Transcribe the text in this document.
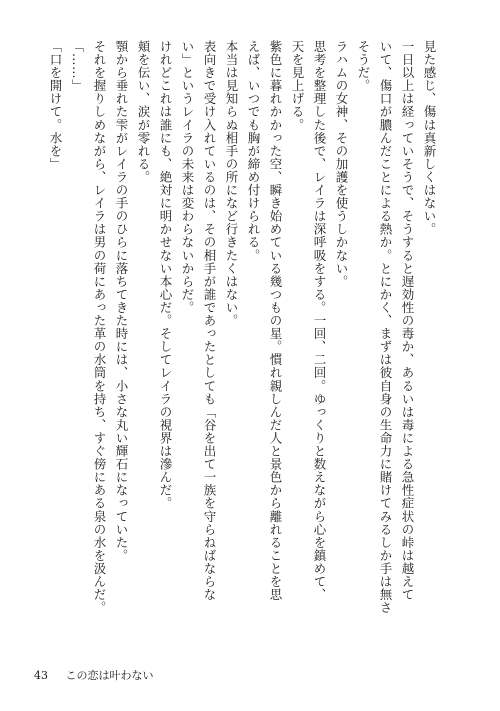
見た感じ、傷は真新しくはない。
一日以上は経っていそうで、そうすると遅効性の毒か、あるいは毒による急性症状の峠は越えて
いて、傷口が膿んだことによる熱か。とにかく、まずは彼自身の生命力に賭けてみるしか手は無さ
そうだ。
ラハムの女神、その加護を使うしかない。
思考を整理した後で、レイラは深呼吸をする。一回、二回。ゆっくりと数えながら心を鎮めて、
天を見上げる。
紫色に暮れかかった空、瞬き始めている幾つもの星。慣れ親しんだ人と景色から離れることを思
えば、いつでも胸が締め付けられる。
本当は見知らぬ相手の所になど行きたくはない。
表向きで受け入れているのは、その相手が誰であったとしても「谷を出て一族を守らねばならな
い」というレイラの未来は変わらないからだ。
けれどこれは誰にも、絶対に明かせない本心だ。そしてレイラの視界は滲んだ。
頬を伝い、涙が零れる。
顎から垂れた雫がレイラの手のひらに落ちてきた時には、小さな丸い輝石になっていた。
それを握りしめながら、レイラは男の荷にあった革の水筒を持ち、すぐ傍にある泉の水を汲んだ。
「……」
「口を開けて。水を」
43 この恋は叶わない
